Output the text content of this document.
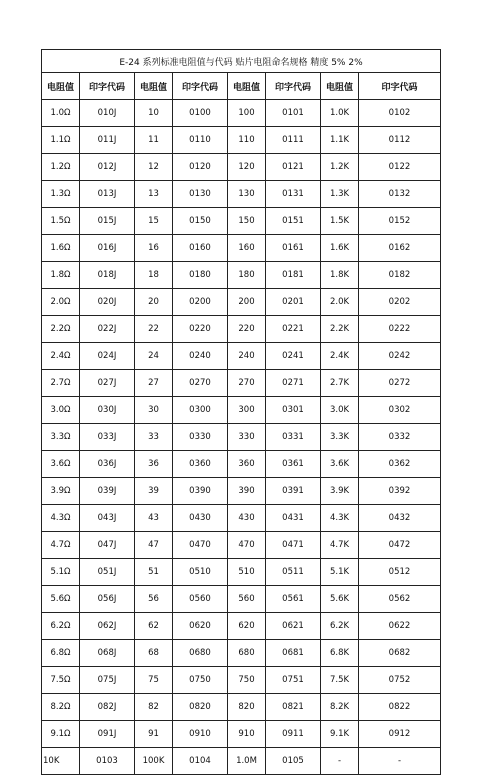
E-24 系列标准电阻值与代码 贴片电阻命名规格 精度 5% 2%							
电阻值	印字代码	电阻值	印字代码	电阻值	印字代码	电阻值	印字代码
1.0Ω	010J	10	0100	100	0101	1.0K	0102
1.1Ω	011J	11	0110	110	0111	1.1K	0112
1.2Ω	012J	12	0120	120	0121	1.2K	0122
1.3Ω	013J	13	0130	130	0131	1.3K	0132
1.5Ω	015J	15	0150	150	0151	1.5K	0152
1.6Ω	016J	16	0160	160	0161	1.6K	0162
1.8Ω	018J	18	0180	180	0181	1.8K	0182
2.0Ω	020J	20	0200	200	0201	2.0K	0202
2.2Ω	022J	22	0220	220	0221	2.2K	0222
2.4Ω	024J	24	0240	240	0241	2.4K	0242
2.7Ω	027J	27	0270	270	0271	2.7K	0272
3.0Ω	030J	30	0300	300	0301	3.0K	0302
3.3Ω	033J	33	0330	330	0331	3.3K	0332
3.6Ω	036J	36	0360	360	0361	3.6K	0362
3.9Ω	039J	39	0390	390	0391	3.9K	0392
4.3Ω	043J	43	0430	430	0431	4.3K	0432
4.7Ω	047J	47	0470	470	0471	4.7K	0472
5.1Ω	051J	51	0510	510	0511	5.1K	0512
5.6Ω	056J	56	0560	560	0561	5.6K	0562
6.2Ω	062J	62	0620	620	0621	6.2K	0622
6.8Ω	068J	68	0680	680	0681	6.8K	0682
7.5Ω	075J	75	0750	750	0751	7.5K	0752
8.2Ω	082J	82	0820	820	0821	8.2K	0822
9.1Ω	091J	91	0910	910	0911	9.1K	0912
10K	0103	100K	0104	1.0M	0105	-	-
